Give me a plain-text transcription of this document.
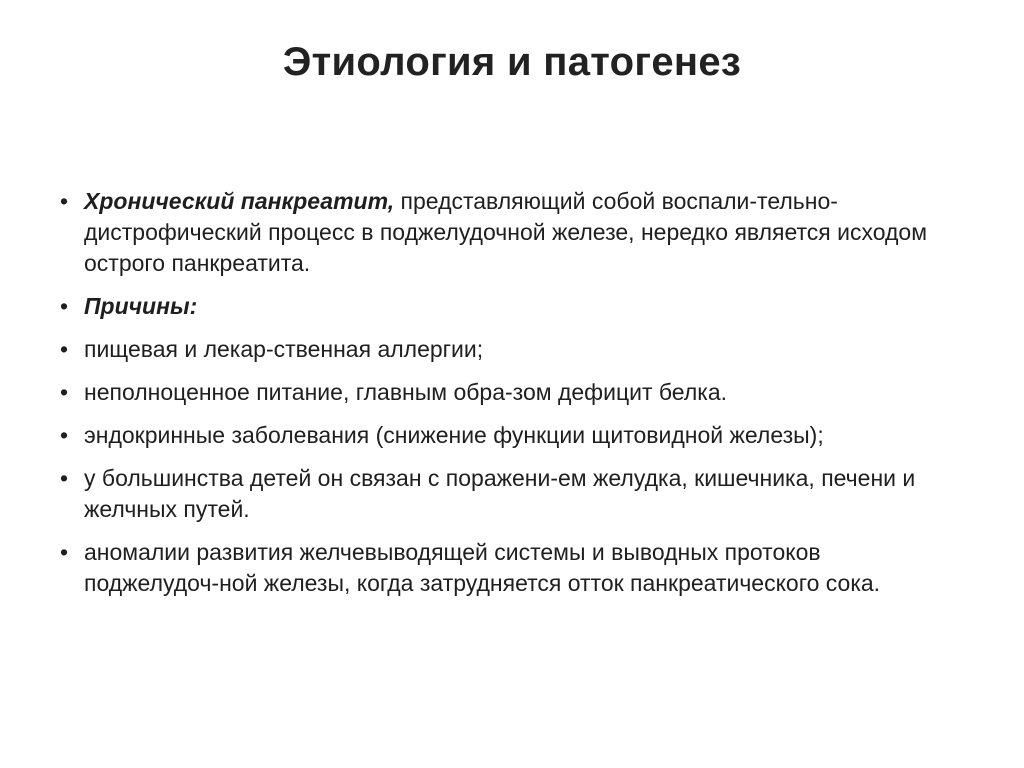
Этиология и патогенез
• Хронический панкреатит, представляющий собой воспали-тельно-дистрофический процесс в поджелудочной железе, нередко является исходом острого панкреатита.
• Причины:
• пищевая и лекар-ственная аллергии;
• неполноценное питание, главным обра-зом дефицит белка.
• эндокринные заболевания (снижение функции щитовидной железы);
• у большинства детей он связан с поражени-ем желудка, кишечника, печени и желчных путей.
• аномалии развития желчевыводящей системы и выводных протоков поджелудоч-ной железы, когда затрудняется отток панкреатического сока.
